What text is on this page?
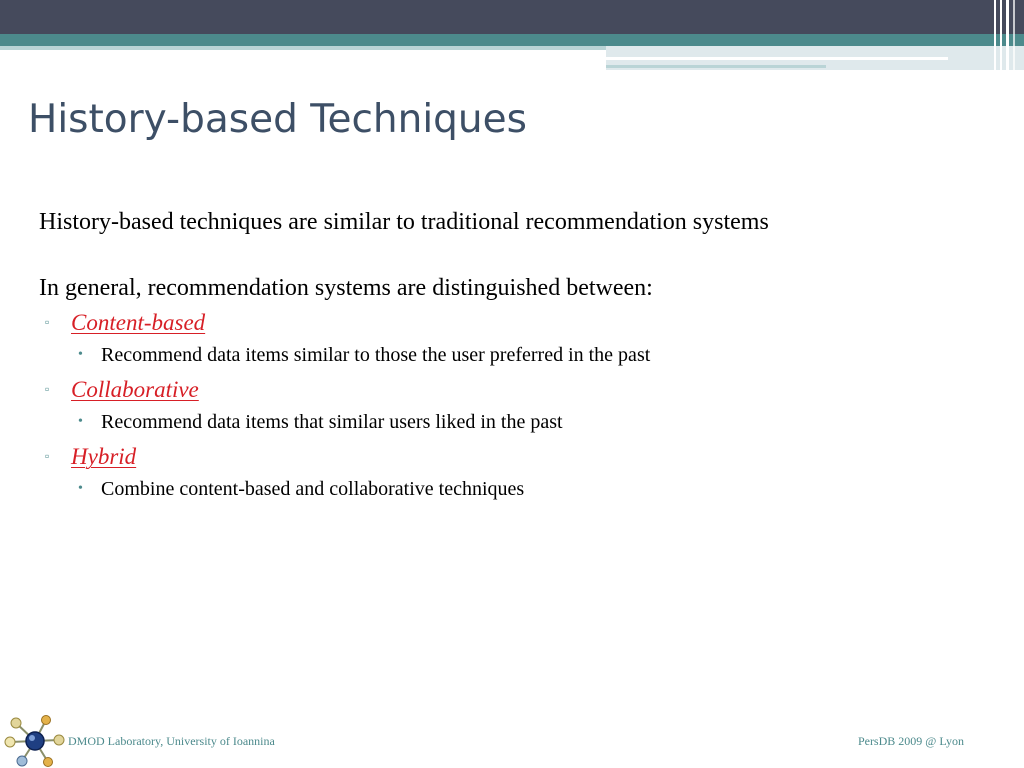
History-based Techniques

History-based techniques are similar to traditional recommendation systems

In general, recommendation systems are distinguished between:

▫ Content-based
• Recommend data items similar to those the user preferred in the past
▫ Collaborative
• Recommend data items that similar users liked in the past
▫ Hybrid
• Combine content-based and collaborative techniques
DMOD Laboratory, University of Ioannina	PersDB 2009 @ Lyon
